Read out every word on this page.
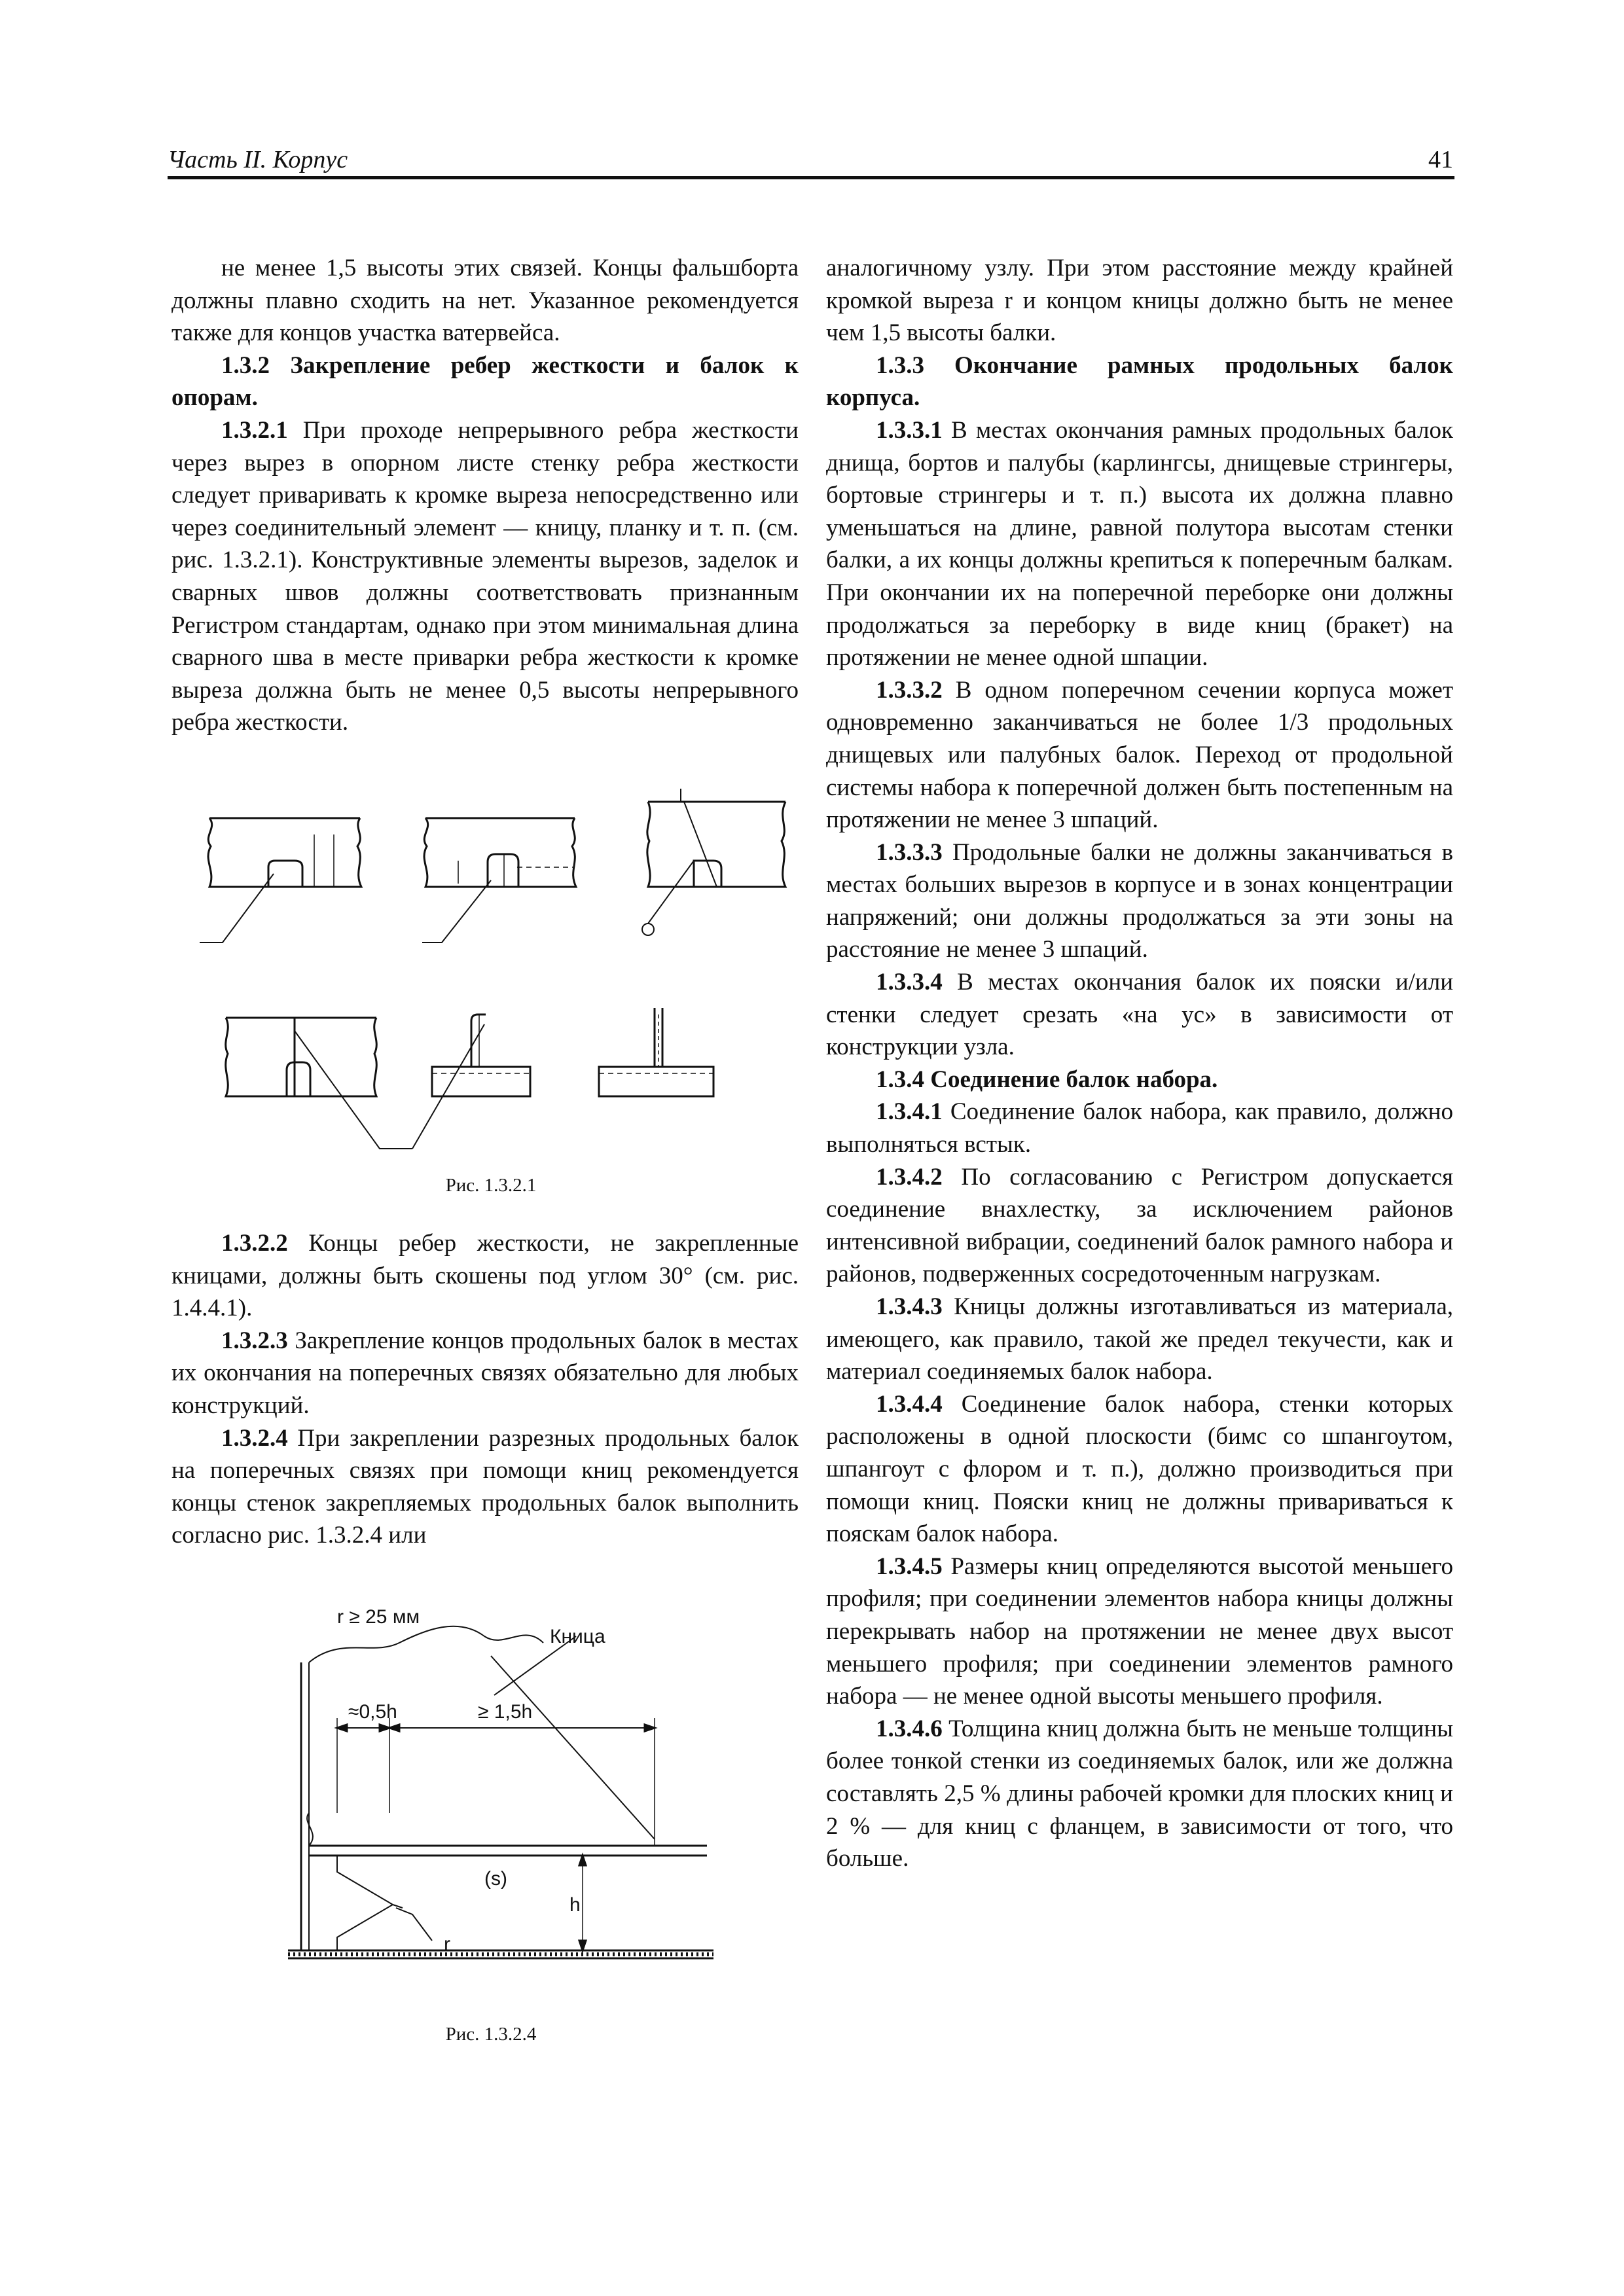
Часть II. Корпус	41

не менее 1,5 высоты этих связей. Концы фальшборта должны плавно сходить на нет. Указанное рекомендуется также для концов участка ватервейса.

1.3.2 Закрепление ребер жесткости и балок к опорам.

1.3.2.1 При проходе непрерывного ребра жесткости через вырез в опорном листе стенку ребра жесткости следует приваривать к кромке выреза непосредственно или через соединительный элемент — кницу, планку и т. п. (см. рис. 1.3.2.1). Конструктивные элементы вырезов, заделок и сварных швов должны соответствовать признанным Регистром стандартам, однако при этом минимальная длина сварного шва в месте приварки ребра жесткости к кромке выреза должна быть не менее 0,5 высоты непрерывного ребра жесткости.

Рис. 1.3.2.1

1.3.2.2 Концы ребер жесткости, не закрепленные кницами, должны быть скошены под углом 30° (см. рис. 1.4.4.1).

1.3.2.3 Закрепление концов продольных балок в местах их окончания на поперечных связях обязательно для любых конструкций.

1.3.2.4 При закреплении разрезных продольных балок на поперечных связях при помощи книц рекомендуется концы стенок закрепляемых продольных балок выполнить согласно рис. 1.3.2.4 или

r ≥ 25 мм
Кница
≈0,5h	≥ 1,5h
(s)
h
r
Рис. 1.3.2.4

аналогичному узлу. При этом расстояние между крайней кромкой выреза r и концом кницы должно быть не менее чем 1,5 высоты балки.

1.3.3 Окончание рамных продольных балок корпуса.

1.3.3.1 В местах окончания рамных продольных балок днища, бортов и палубы (карлингсы, днищевые стрингеры, бортовые стрингеры и т. п.) высота их должна плавно уменьшаться на длине, равной полутора высотам стенки балки, а их концы должны крепиться к поперечным балкам. При окончании их на поперечной переборке они должны продолжаться за переборку в виде книц (бракет) на протяжении не менее одной шпации.

1.3.3.2 В одном поперечном сечении корпуса может одновременно заканчиваться не более 1/3 продольных днищевых или палубных балок. Переход от продольной системы набора к поперечной должен быть постепенным на протяжении не менее 3 шпаций.

1.3.3.3 Продольные балки не должны заканчиваться в местах больших вырезов в корпусе и в зонах концентрации напряжений; они должны продолжаться за эти зоны на расстояние не менее 3 шпаций.

1.3.3.4 В местах окончания балок их пояски и/или стенки следует срезать «на ус» в зависимости от конструкции узла.

1.3.4 Соединение балок набора.

1.3.4.1 Соединение балок набора, как правило, должно выполняться встык.

1.3.4.2 По согласованию с Регистром допускается соединение внахлестку, за исключением районов интенсивной вибрации, соединений балок рамного набора и районов, подверженных сосредоточенным нагрузкам.

1.3.4.3 Кницы должны изготавливаться из материала, имеющего, как правило, такой же предел текучести, как и материал соединяемых балок набора.

1.3.4.4 Соединение балок набора, стенки которых расположены в одной плоскости (бимс со шпангоутом, шпангоут с флором и т. п.), должно производиться при помощи книц. Пояски книц не должны привариваться к пояскам балок набора.

1.3.4.5 Размеры книц определяются высотой меньшего профиля; при соединении элементов набора кницы должны перекрывать набор на протяжении не менее двух высот меньшего профиля; при соединении элементов рамного набора — не менее одной высоты меньшего профиля.

1.3.4.6 Толщина книц должна быть не меньше толщины более тонкой стенки из соединяемых балок, или же должна составлять 2,5 % длины рабочей кромки для плоских книц и 2 % — для книц с фланцем, в зависимости от того, что больше.
